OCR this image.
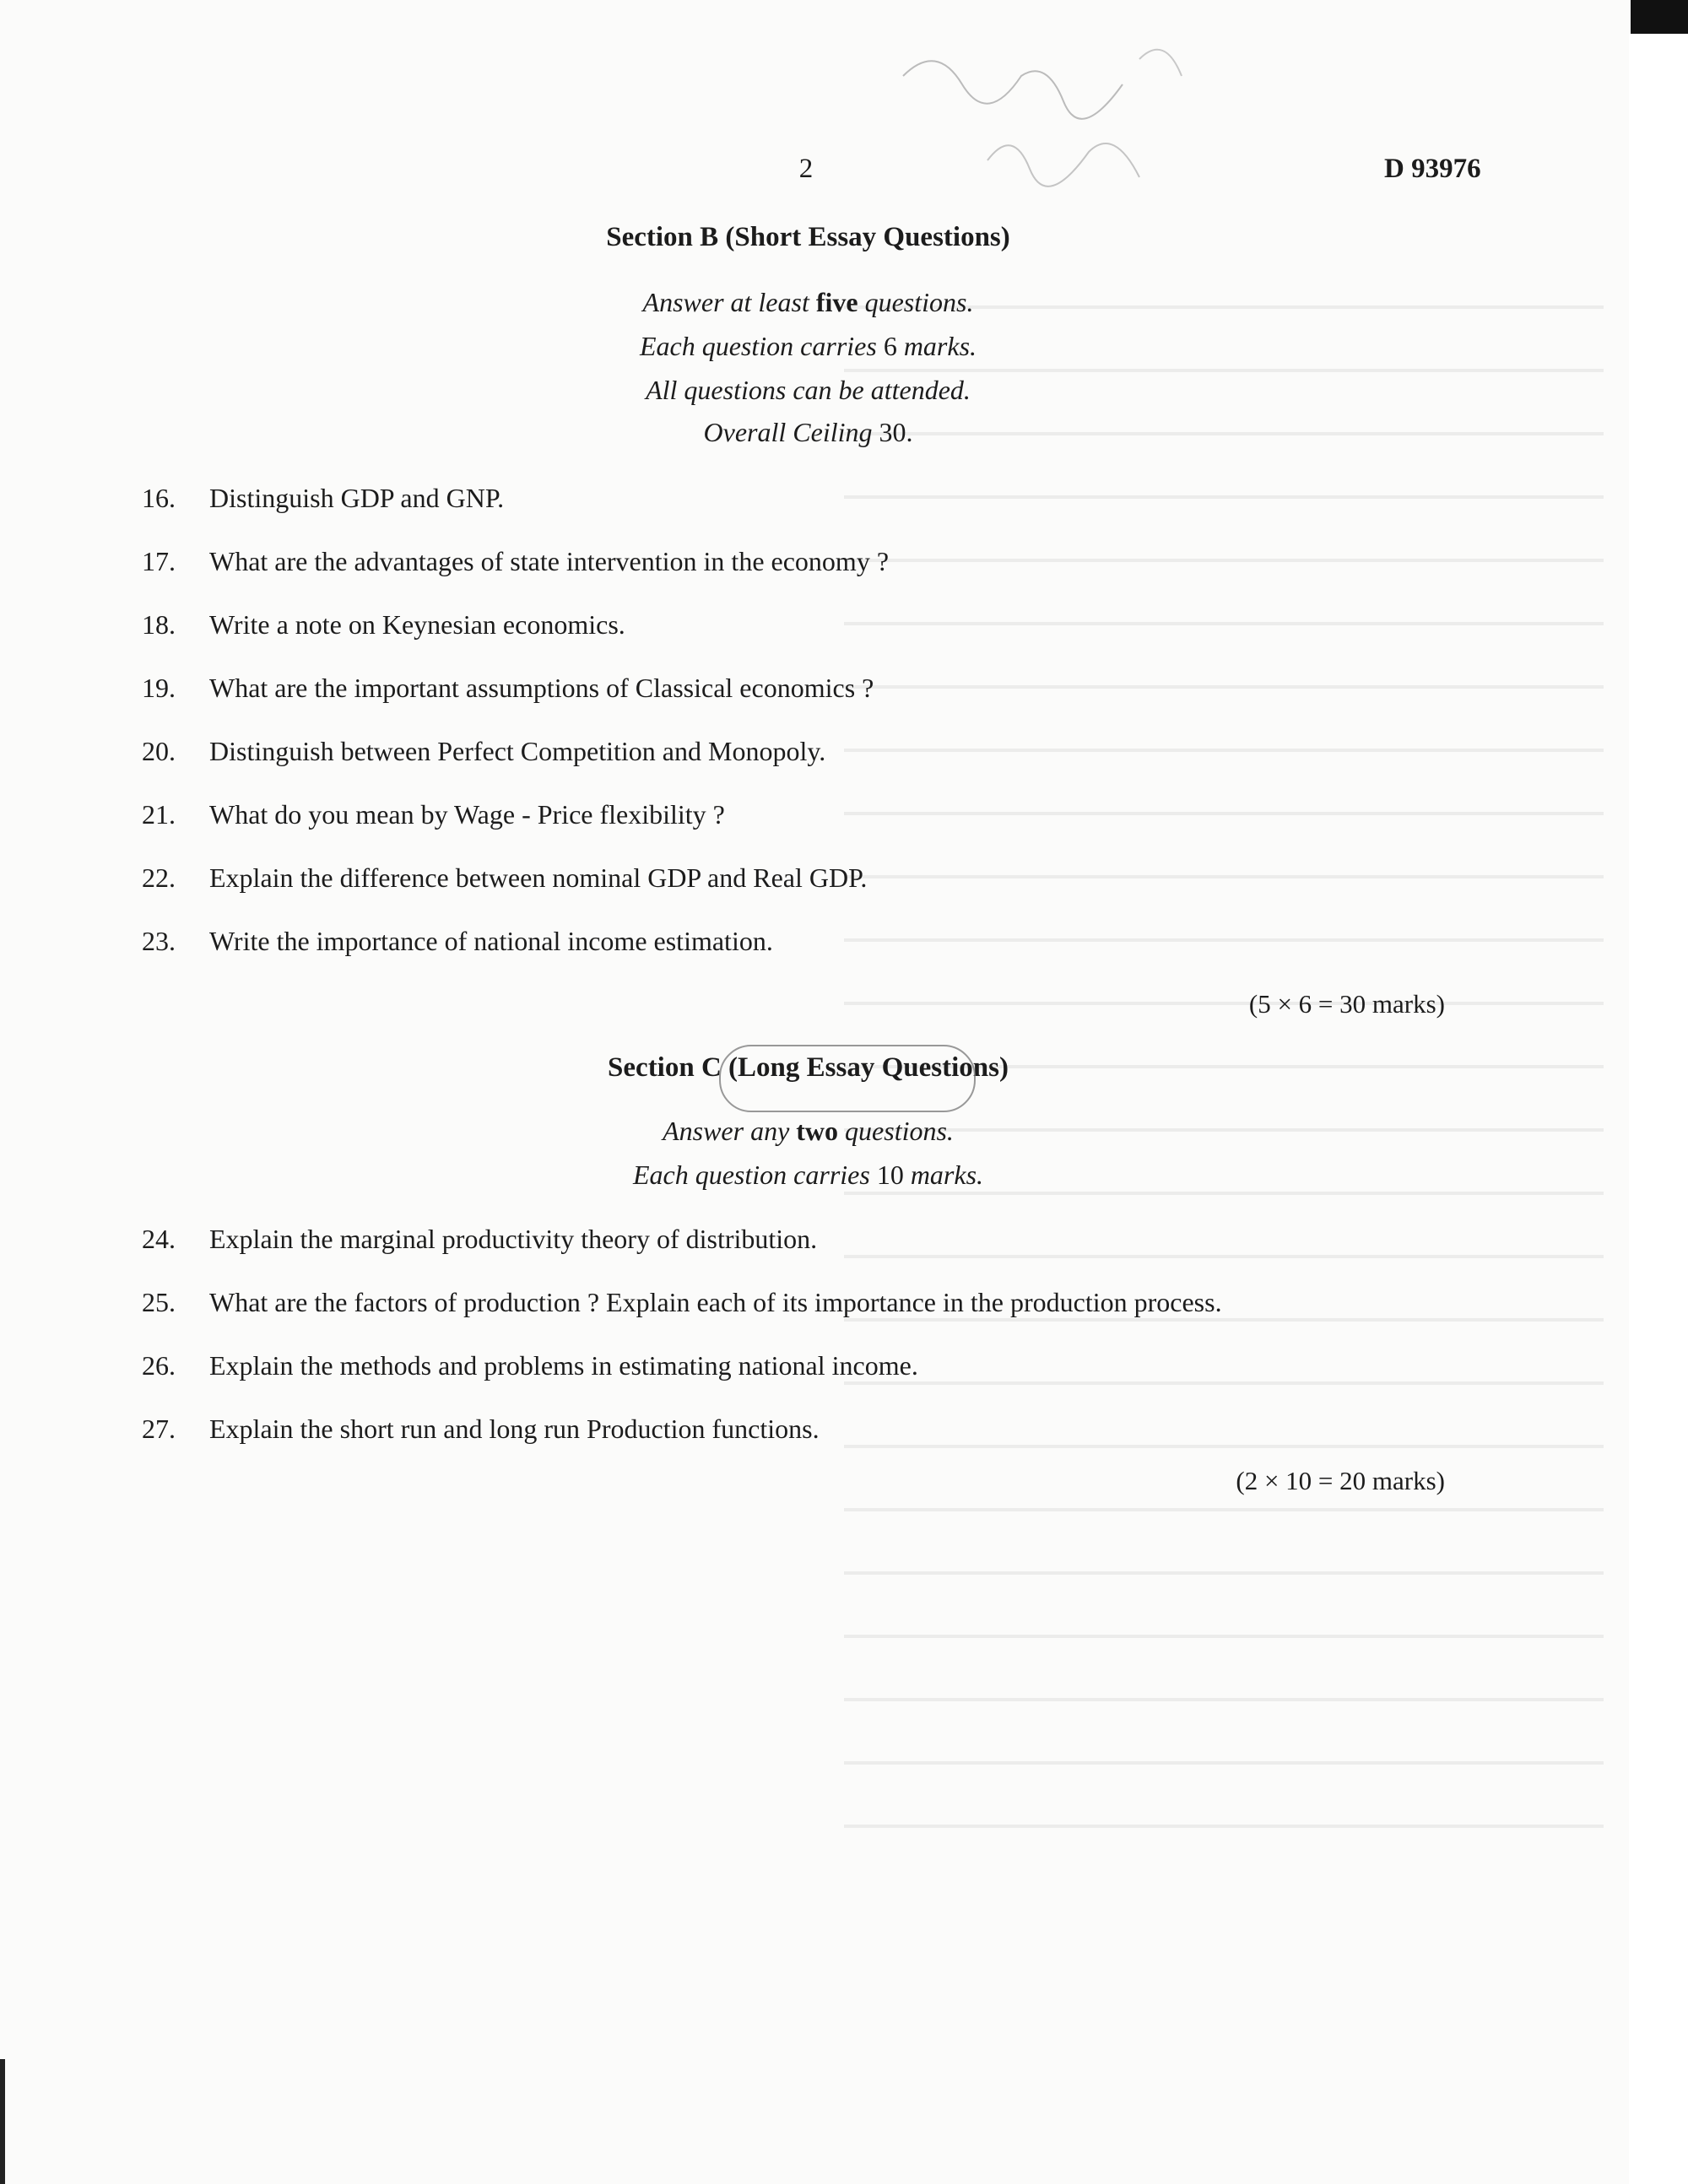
2	D 93976
Section B (Short Essay Questions)
Answer at least five questions.
Each question carries 6 marks.
All questions can be attended.
Overall Ceiling 30.
16. Distinguish GDP and GNP.
17. What are the advantages of state intervention in the economy ?
18. Write a note on Keynesian economics.
19. What are the important assumptions of Classical economics ?
20. Distinguish between Perfect Competition and Monopoly.
21. What do you mean by Wage - Price flexibility ?
22. Explain the difference between nominal GDP and Real GDP.
23. Write the importance of national income estimation.
(5 × 6 = 30 marks)
Section C (Long Essay Questions)
Answer any two questions.
Each question carries 10 marks.
24. Explain the marginal productivity theory of distribution.
25. What are the factors of production ? Explain each of its importance in the production process.
26. Explain the methods and problems in estimating national income.
27. Explain the short run and long run Production functions.
(2 × 10 = 20 marks)
